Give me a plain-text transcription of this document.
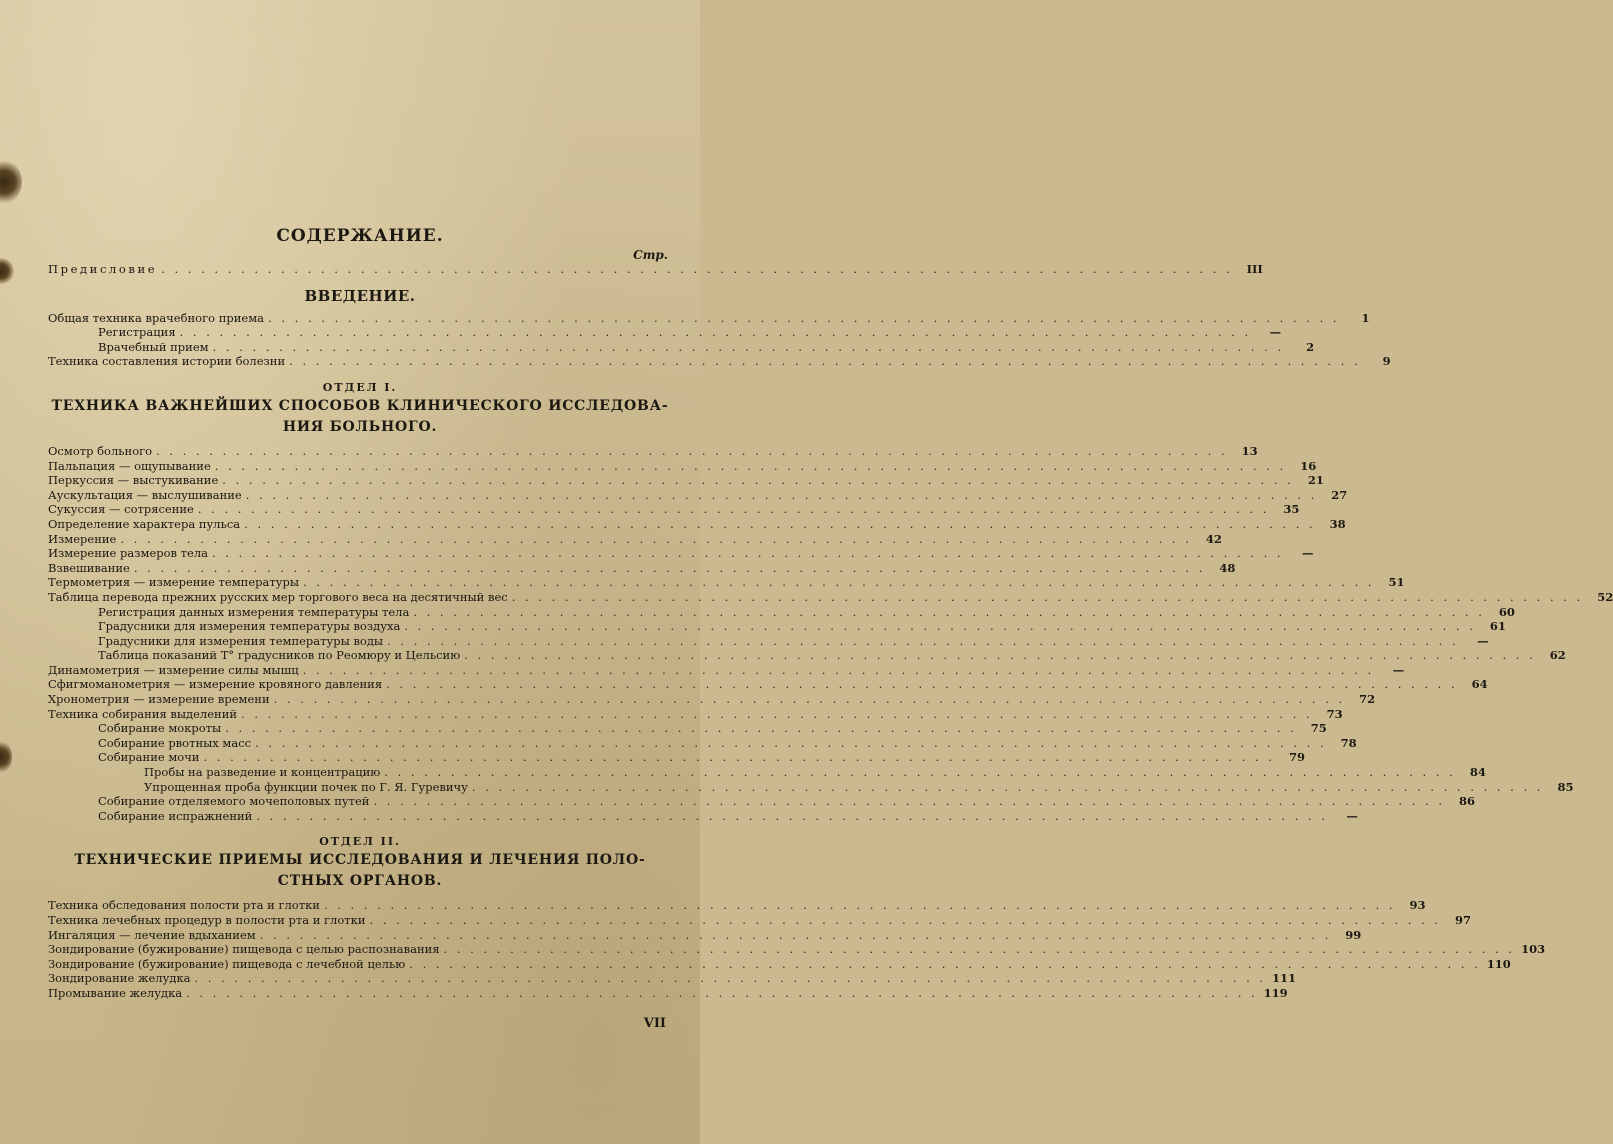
СОДЕРЖАНИЕ.
Стр.
Предисловие . . .	III
ВВЕДЕНИЕ.
Общая техника врачебного приема . . .	1
Регистрация . . .	—
Врачебный прием . . .	2
Техника составления истории болезни . . .	9
ОТДЕЛ I.
ТЕХНИКА ВАЖНЕЙШИХ СПОСОБОВ КЛИНИЧЕСКОГО ИССЛЕДОВА-
НИЯ БОЛЬНОГО.
Осмотр больного . . .	13
Пальпация — ощупывание . . .	16
Перкуссия — выстукивание . . .	21
Аускультация — выслушивание . . .	27
Сукуссия — сотрясение . . .	35
Определение характера пульса . . .	38
Измерение . . .	42
Измерение размеров тела . . .	—
Взвешивание . . .	48
Термометрия — измерение температуры . . .	51
Таблица перевода прежних русских мер торгового веса на десятичный вес . . .	52
Регистрация данных измерения температуры тела . . .	60
Градусники для измерения температуры воздуха . . .	61
Градусники для измерения температуры воды . . .	—
Таблица показаний Т° градусников по Реомюру и Цельсию . . .	62
Динамометрия — измерение силы мышц . . .	—
Сфигмоманометрия — измерение кровяного давления . . .	64
Хронометрия — измерение времени . . .	72
Техника собирания выделений . . .	73
Собирание мокроты . . .	75
Собирание рвотных масс . . .	78
Собирание мочи . . .	79
Пробы на разведение и концентрацию . . .	84
Упрощенная проба функции почек по Г. Я. Гуревичу . . .	85
Собирание отделяемого мочеполовых путей . . .	86
Собирание испражнений . . .	—
ОТДЕЛ II.
ТЕХНИЧЕСКИЕ ПРИЕМЫ ИССЛЕДОВАНИЯ И ЛЕЧЕНИЯ ПОЛО-
СТНЫХ ОРГАНОВ.
Техника обследования полости рта и глотки . . .	93
Техника лечебных процедур в полости рта и глотки . . .	97
Ингаляция — лечение вдыханием . . .	99
Зондирование (бужирование) пищевода с целью распознавания . . .	103
Зондирование (бужирование) пищевода с лечебной целью . . .	110
Зондирование желудка . . .	111
Промывание желудка . . .	119
VII
